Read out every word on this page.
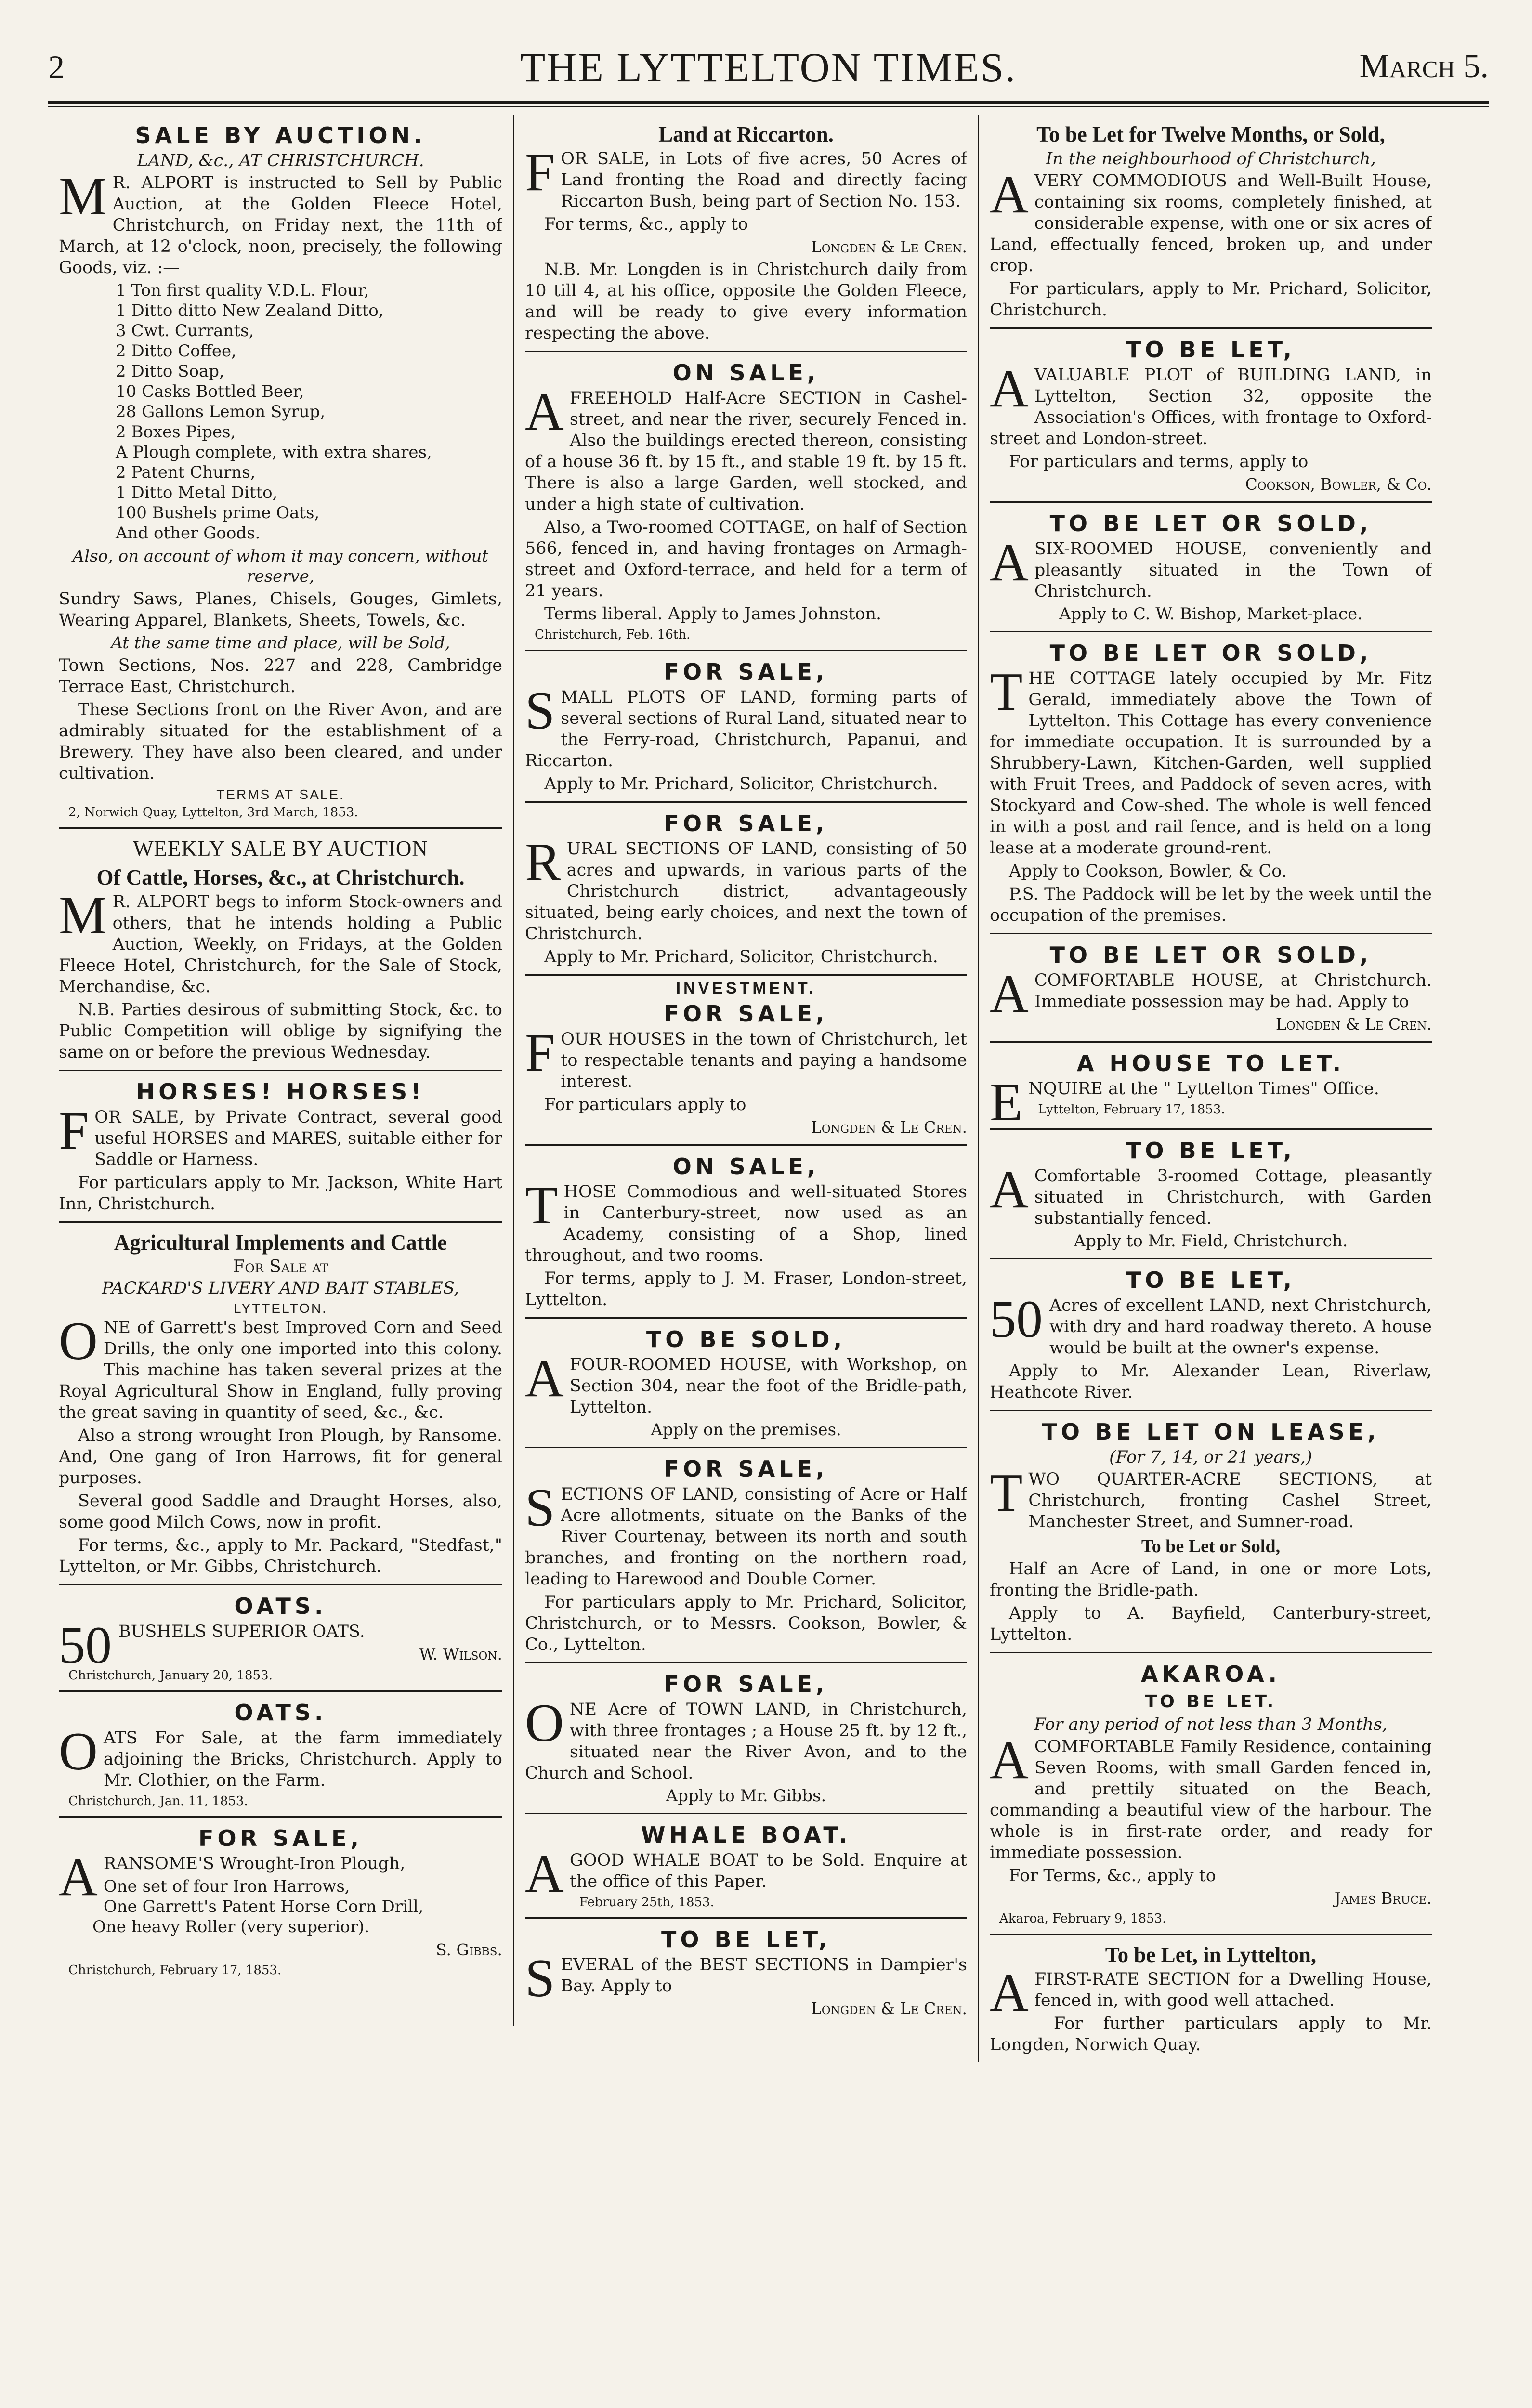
2	THE LYTTELTON TIMES.	March 5.
SALE BY AUCTION.
LAND, &c., AT CHRISTCHURCH.
M R. ALPORT is instructed to Sell by Public Auction, at the Golden Fleece Hotel, Christchurch, on Friday next, the 11th of March, at 12 o'clock, noon, precisely, the following Goods, viz. :—

1 Ton first quality V.D.L. Flour,
1 Ditto ditto New Zealand Ditto,
3 Cwt. Currants,
2 Ditto Coffee,
2 Ditto Soap,
10 Casks Bottled Beer,
28 Gallons Lemon Syrup,
2 Boxes Pipes,
A Plough complete, with extra shares,
2 Patent Churns,
1 Ditto Metal Ditto,
100 Bushels prime Oats,
And other Goods.
Also, on account of whom it may concern, without reserve,

Sundry Saws, Planes, Chisels, Gouges, Gimlets, Wearing Apparel, Blankets, Sheets, Towels, &c.

At the same time and place, will be Sold,

Town Sections, Nos. 227 and 228, Cambridge Terrace East, Christchurch.

These Sections front on the River Avon, and are admirably situated for the establishment of a Brewery. They have also been cleared, and under cultivation.

TERMS AT SALE.
2, Norwich Quay, Lyttelton, 3rd March, 1853.
WEEKLY SALE BY AUCTION
Of Cattle, Horses, &c., at Christchurch.
M R. ALPORT begs to inform Stock-owners and others, that he intends holding a Public Auction, Weekly, on Fridays, at the Golden Fleece Hotel, Christchurch, for the Sale of Stock, Merchandise, &c.

N.B. Parties desirous of submitting Stock, &c. to Public Competition will oblige by signifying the same on or before the previous Wednesday.

HORSES! HORSES!
F OR SALE, by Private Contract, several good useful HORSES and MARES, suitable either for Saddle or Harness.

For particulars apply to Mr. Jackson, White Hart Inn, Christchurch.

Agricultural Implements and Cattle
For Sale at
PACKARD'S LIVERY AND BAIT STABLES,
LYTTELTON.
O NE of Garrett's best Improved Corn and Seed Drills, the only one imported into this colony. This machine has taken several prizes at the Royal Agricultural Show in England, fully proving the great saving in quantity of seed, &c., &c.

Also a strong wrought Iron Plough, by Ransome. And, One gang of Iron Harrows, fit for general purposes.

Several good Saddle and Draught Horses, also, some good Milch Cows, now in profit.

For terms, &c., apply to Mr. Packard, "Stedfast," Lyttelton, or Mr. Gibbs, Christchurch.

OATS.
50 BUSHELS SUPERIOR OATS.

W. Wilson.
Christchurch, January 20, 1853.
OATS.
O ATS For Sale, at the farm immediately adjoining the Bricks, Christchurch. Apply to Mr. Clothier, on the Farm.

Christchurch, Jan. 11, 1853.
FOR SALE,
A RANSOME'S Wrought-Iron Plough,

One set of four Iron Harrows,
One Garrett's Patent Horse Corn Drill,
One heavy Roller (very superior).
S. Gibbs.
Christchurch, February 17, 1853.
Land at Riccarton.
F OR SALE, in Lots of five acres, 50 Acres of Land fronting the Road and directly facing Riccarton Bush, being part of Section No. 153.

For terms, &c., apply to

Longden & Le Cren.

N.B. Mr. Longden is in Christchurch daily from 10 till 4, at his office, opposite the Golden Fleece, and will be ready to give every information respecting the above.

ON SALE,
A FREEHOLD Half-Acre SECTION in Cashel-street, and near the river, securely Fenced in. Also the buildings erected thereon, consisting of a house 36 ft. by 15 ft., and stable 19 ft. by 15 ft. There is also a large Garden, well stocked, and under a high state of cultivation.

Also, a Two-roomed COTTAGE, on half of Section 566, fenced in, and having frontages on Armagh-street and Oxford-terrace, and held for a term of 21 years.

Terms liberal. Apply to James Johnston.

Christchurch, Feb. 16th.
FOR SALE,
S MALL PLOTS OF LAND, forming parts of several sections of Rural Land, situated near to the Ferry-road, Christchurch, Papanui, and Riccarton.

Apply to Mr. Prichard, Solicitor, Christchurch.

FOR SALE,
R URAL SECTIONS OF LAND, consisting of 50 acres and upwards, in various parts of the Christchurch district, advantageously situated, being early choices, and next the town of Christchurch.

Apply to Mr. Prichard, Solicitor, Christchurch.

INVESTMENT.
FOR SALE,
F OUR HOUSES in the town of Christchurch, let to respectable tenants and paying a handsome interest.

For particulars apply to

Longden & Le Cren.
ON SALE,
T HOSE Commodious and well-situated Stores in Canterbury-street, now used as an Academy, consisting of a Shop, lined throughout, and two rooms.

For terms, apply to J. M. Fraser, London-street, Lyttelton.

TO BE SOLD,
A FOUR-ROOMED HOUSE, with Workshop, on Section 304, near the foot of the Bridle-path, Lyttelton.

Apply on the premises.
FOR SALE,
S ECTIONS OF LAND, consisting of Acre or Half Acre allotments, situate on the Banks of the River Courtenay, between its north and south branches, and fronting on the northern road, leading to Harewood and Double Corner.

For particulars apply to Mr. Prichard, Solicitor, Christchurch, or to Messrs. Cookson, Bowler, & Co., Lyttelton.

FOR SALE,
O NE Acre of TOWN LAND, in Christchurch, with three frontages ; a House 25 ft. by 12 ft., situated near the River Avon, and to the Church and School.

Apply to Mr. Gibbs.
WHALE BOAT.
A GOOD WHALE BOAT to be Sold. Enquire at the office of this Paper.

February 25th, 1853.
TO BE LET,
S EVERAL of the BEST SECTIONS in Dampier's Bay. Apply to

Longden & Le Cren.
To be Let for Twelve Months, or Sold,
In the neighbourhood of Christchurch,
A VERY COMMODIOUS and Well-Built House, containing six rooms, completely finished, at considerable expense, with one or six acres of Land, effectually fenced, broken up, and under crop.

For particulars, apply to Mr. Prichard, Solicitor, Christchurch.

TO BE LET,
A VALUABLE PLOT of BUILDING LAND, in Lyttelton, Section 32, opposite the Association's Offices, with frontage to Oxford-street and London-street.

For particulars and terms, apply to

Cookson, Bowler, & Co.
TO BE LET OR SOLD,
A SIX-ROOMED HOUSE, conveniently and pleasantly situated in the Town of Christchurch.

Apply to C. W. Bishop, Market-place.
TO BE LET OR SOLD,
T HE COTTAGE lately occupied by Mr. Fitz Gerald, immediately above the Town of Lyttelton. This Cottage has every convenience for immediate occupation. It is surrounded by a Shrubbery-Lawn, Kitchen-Garden, well supplied with Fruit Trees, and Paddock of seven acres, with Stockyard and Cow-shed. The whole is well fenced in with a post and rail fence, and is held on a long lease at a moderate ground-rent.

Apply to Cookson, Bowler, & Co.

P.S. The Paddock will be let by the week until the occupation of the premises.

TO BE LET OR SOLD,
A COMFORTABLE HOUSE, at Christchurch. Immediate possession may be had. Apply to

Longden & Le Cren.
A HOUSE TO LET.
E NQUIRE at the " Lyttelton Times" Office.

Lyttelton, February 17, 1853.
TO BE LET,
A Comfortable 3-roomed Cottage, pleasantly situated in Christchurch, with Garden substantially fenced.

Apply to Mr. Field, Christchurch.
TO BE LET,
50 Acres of excellent LAND, next Christchurch, with dry and hard roadway thereto. A house would be built at the owner's expense.

Apply to Mr. Alexander Lean, Riverlaw, Heathcote River.

TO BE LET ON LEASE,
(For 7, 14, or 21 years,)
T WO QUARTER-ACRE SECTIONS, at Christchurch, fronting Cashel Street, Manchester Street, and Sumner-road.

To be Let or Sold,

Half an Acre of Land, in one or more Lots, fronting the Bridle-path.

Apply to A. Bayfield, Canterbury-street, Lyttelton.

AKAROA.
TO BE LET.
For any period of not less than 3 Months,
A COMFORTABLE Family Residence, containing Seven Rooms, with small Garden fenced in, and prettily situated on the Beach, commanding a beautiful view of the harbour. The whole is in first-rate order, and ready for immediate possession.

For Terms, &c., apply to

James Bruce.
Akaroa, February 9, 1853.
To be Let, in Lyttelton,
A FIRST-RATE SECTION for a Dwelling House, fenced in, with good well attached.

For further particulars apply to Mr. Longden, Norwich Quay.
